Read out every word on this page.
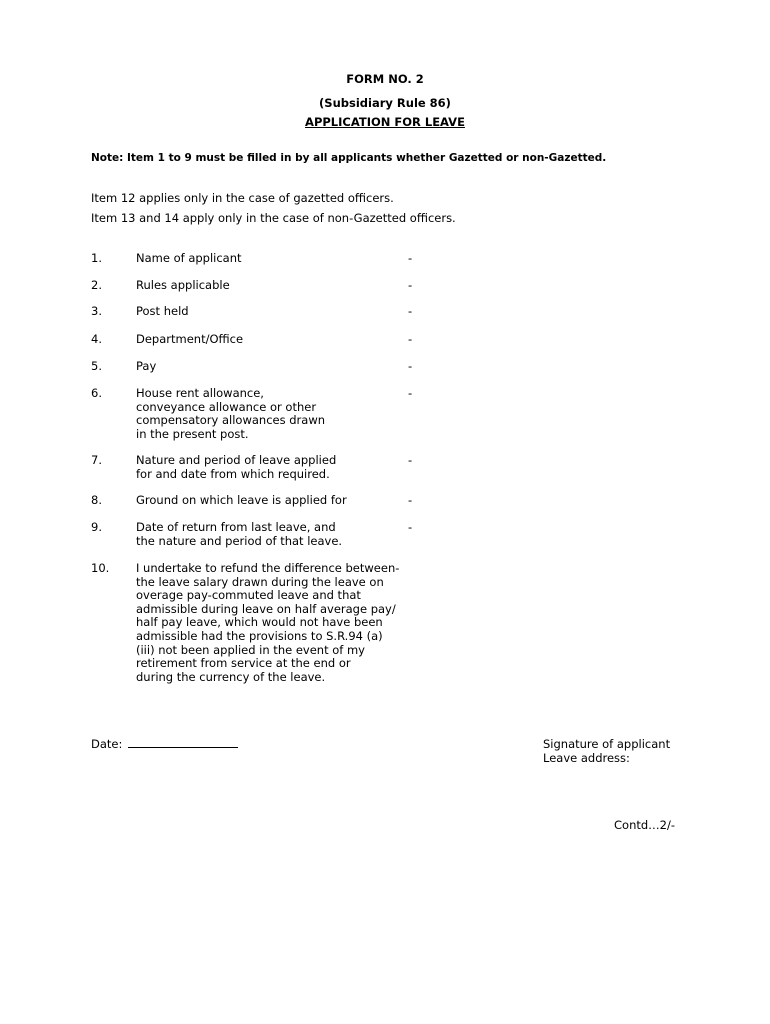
FORM NO. 2
(Subsidiary Rule 86)
APPLICATION FOR LEAVE
Note: Item 1 to 9 must be filled in by all applicants whether Gazetted or non-Gazetted.
Item 12 applies only in the case of gazetted officers.
Item 13 and 14 apply only in the case of non-Gazetted officers.
1.	Name of applicant	-
2.	Rules applicable	-
3.	Post held	-
4.	Department/Office	-
5.	Pay	-
6.	House rent allowance,
conveyance allowance or other
compensatory allowances drawn
in the present post.
-
7.	Nature and period of leave applied
for and date from which required.
-
8.	Ground on which leave is applied for	-
9.	Date of return from last leave, and
the nature and period of that leave.
-
10. I undertake to refund the difference between-
the leave salary drawn during the leave on
overage pay-commuted leave and that
admissible during leave on half average pay/
half pay leave, which would not have been
admissible had the provisions to S.R.94 (a)
(iii) not been applied in the event of my
retirement from service at the end or
during the currency of the leave.
Date:	Signature of applicant
Leave address:
Contd…2/-
